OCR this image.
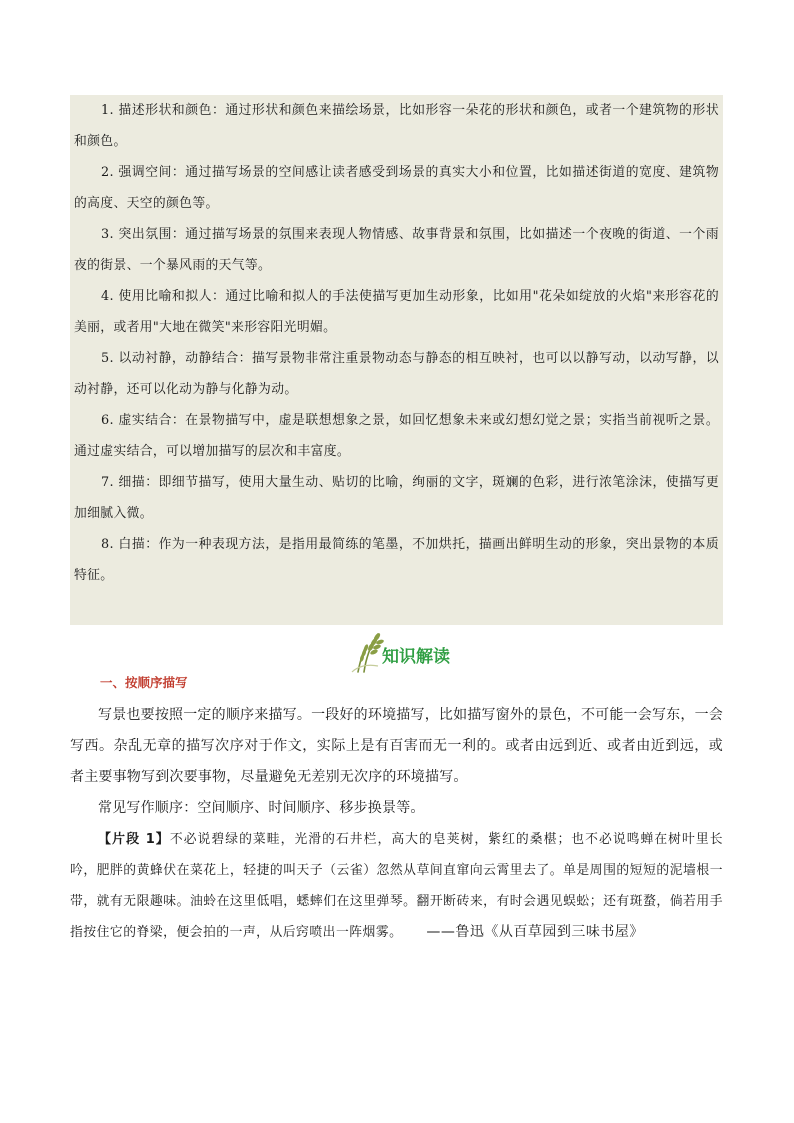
1. 描述形状和颜色：通过形状和颜色来描绘场景，比如形容一朵花的形状和颜色，或者一个建筑物的形状和颜色。

2. 强调空间：通过描写场景的空间感让读者感受到场景的真实大小和位置，比如描述街道的宽度、建筑物的高度、天空的颜色等。

3. 突出氛围：通过描写场景的氛围来表现人物情感、故事背景和氛围，比如描述一个夜晚的街道、一个雨夜的街景、一个暴风雨的天气等。

4. 使用比喻和拟人：通过比喻和拟人的手法使描写更加生动形象，比如用"花朵如绽放的火焰"来形容花的美丽，或者用"大地在微笑"来形容阳光明媚。

5. 以动衬静，动静结合：描写景物非常注重景物动态与静态的相互映衬，也可以以静写动，以动写静，以动衬静，还可以化动为静与化静为动。

6. 虚实结合：在景物描写中，虚是联想想象之景，如回忆想象未来或幻想幻觉之景；实指当前视听之景。通过虚实结合，可以增加描写的层次和丰富度。

7. 细描：即细节描写，使用大量生动、贴切的比喻，绚丽的文字，斑斓的色彩，进行浓笔涂沫，使描写更加细腻入微。

8. 白描：作为一种表现方法，是指用最简练的笔墨，不加烘托，描画出鲜明生动的形象，突出景物的本质特征。

知识解读
一、按顺序描写

写景也要按照一定的顺序来描写。一段好的环境描写，比如描写窗外的景色，不可能一会写东，一会写西。杂乱无章的描写次序对于作文，实际上是有百害而无一利的。或者由远到近、或者由近到远，或者主要事物写到次要事物，尽量避免无差别无次序的环境描写。

常见写作顺序：空间顺序、时间顺序、移步换景等。

【片段 1】不必说碧绿的菜畦，光滑的石井栏，高大的皂荚树，紫红的桑椹；也不必说鸣蝉在树叶里长吟，肥胖的黄蜂伏在菜花上，轻捷的叫天子（云雀）忽然从草间直窜向云霄里去了。单是周围的短短的泥墙根一带，就有无限趣味。油蛉在这里低唱，蟋蟀们在这里弹琴。翻开断砖来，有时会遇见蜈蚣；还有斑蝥，倘若用手指按住它的脊梁，便会拍的一声，从后窍喷出一阵烟雾。 ——鲁迅《从百草园到三味书屋》
